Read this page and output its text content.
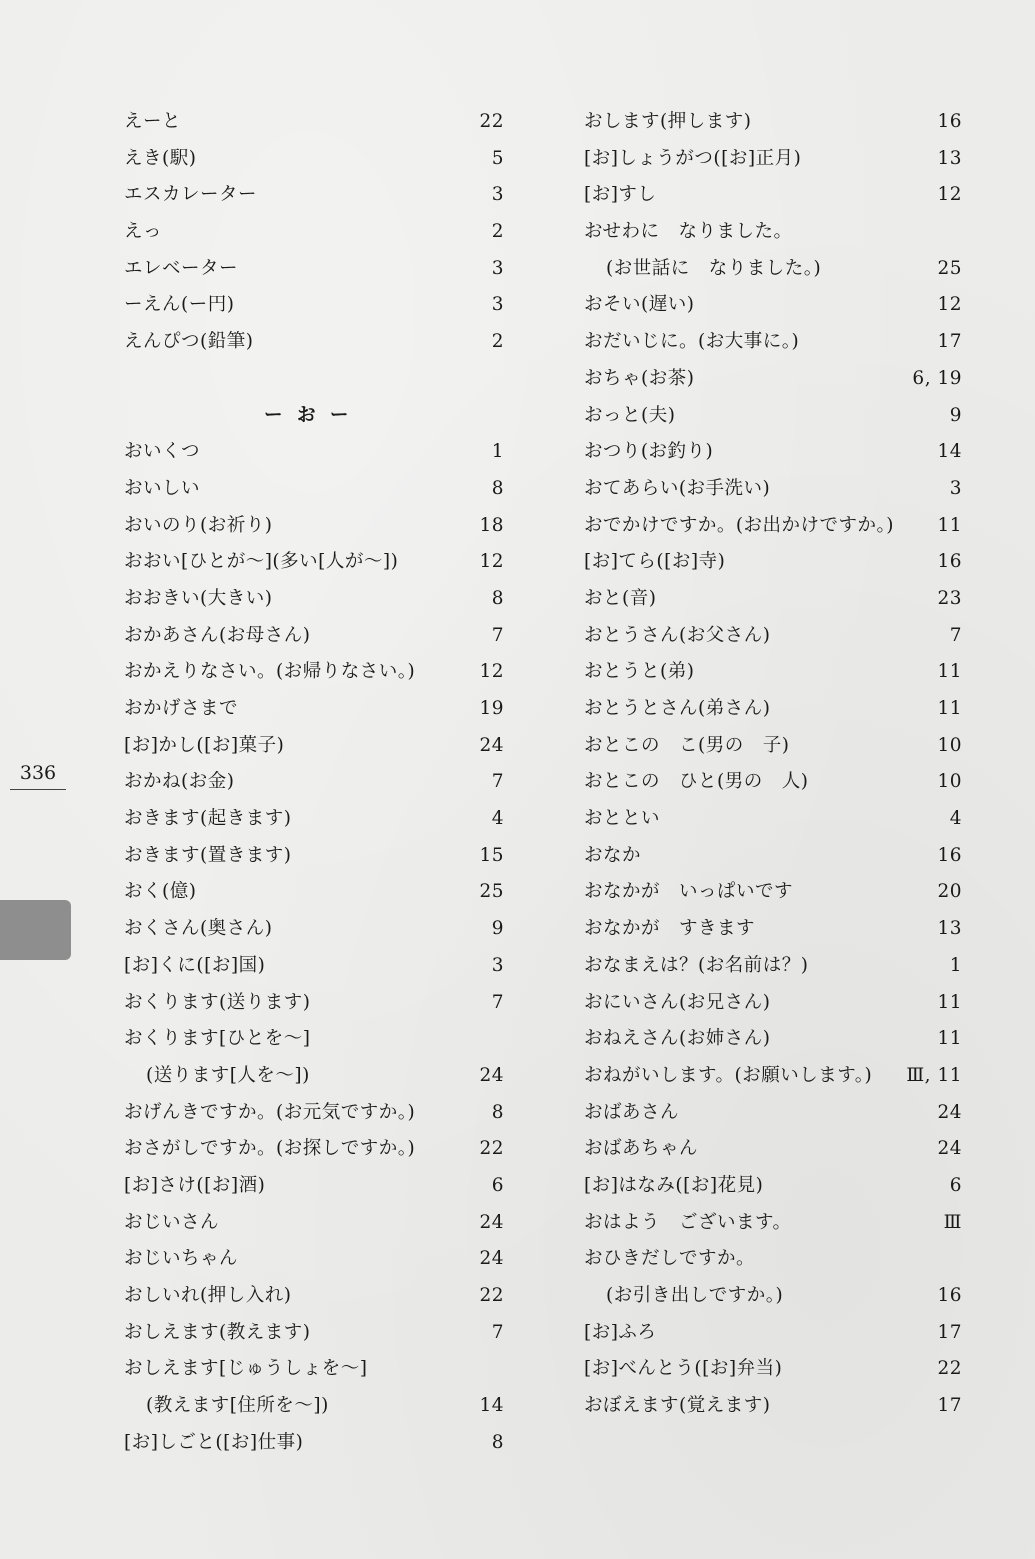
えーと	22
えき(駅)	5
エスカレーター	3
えっ	2
エレベーター	3
ーえん(ー円)	3
えんぴつ(鉛筆)	2
ー お ー
おいくつ	1
おいしい	8
おいのり(お祈り)	18
おおい[ひとが～](多い[人が～])	12
おおきい(大きい)	8
おかあさん(お母さん)	7
おかえりなさい。(お帰りなさい。)	12
おかげさまで	19
[お]かし([お]菓子)	24
おかね(お金)	7
おきます(起きます)	4
おきます(置きます)	15
おく(億)	25
おくさん(奥さん)	9
[お]くに([お]国)	3
おくります(送ります)	7
おくります[ひとを～]
(送ります[人を～])	24
おげんきですか。(お元気ですか。)	8
おさがしですか。(お探しですか。)	22
[お]さけ([お]酒)	6
おじいさん	24
おじいちゃん	24
おしいれ(押し入れ)	22
おしえます(教えます)	7
おしえます[じゅうしょを～]
(教えます[住所を～])	14
[お]しごと([お]仕事)	8
おします(押します)	16
[お]しょうがつ([お]正月)	13
[お]すし	12
おせわに　なりました。
(お世話に　なりました。)	25
おそい(遅い)	12
おだいじに。(お大事に。)	17
おちゃ(お茶)	6, 19
おっと(夫)	9
おつり(お釣り)	14
おてあらい(お手洗い)	3
おでかけですか。(お出かけですか。) 11
[お]てら([お]寺)	16
おと(音)	23
おとうさん(お父さん)	7
おとうと(弟)	11
おとうとさん(弟さん)	11
おとこの　こ(男の　子)	10
おとこの　ひと(男の　人)	10
おととい	4
おなか	16
おなかが　いっぱいです	20
おなかが　すきます	13
おなまえは？(お名前は？)	1
おにいさん(お兄さん)	11
おねえさん(お姉さん)	11
おねがいします。(お願いします。) Ⅲ, 11
おばあさん	24
おばあちゃん	24
[お]はなみ([お]花見)	6
おはよう　ございます。	Ⅲ
おひきだしですか。
(お引き出しですか。)	16
[お]ふろ	17
[お]べんとう([お]弁当)	22
おぼえます(覚えます)	17
336
